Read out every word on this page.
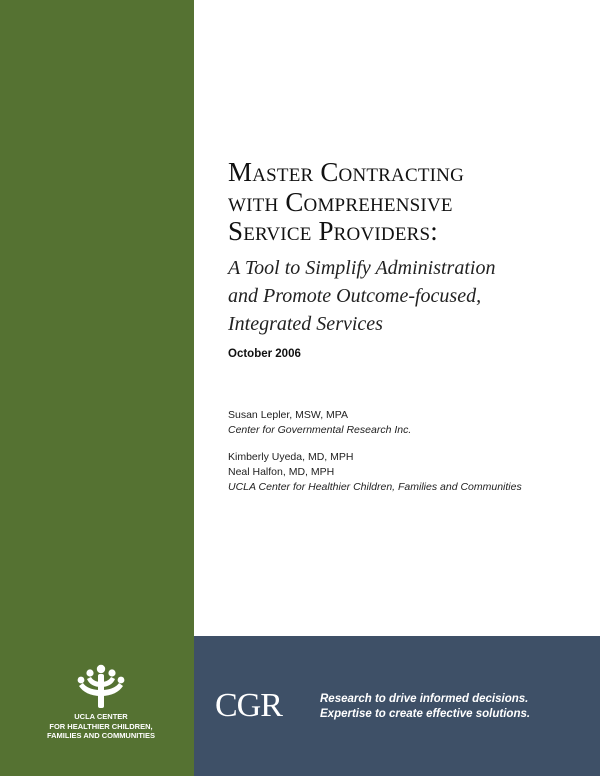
Master Contracting
with Comprehensive
Service Providers:
A Tool to Simplify Administration
and Promote Outcome-focused,
Integrated Services
October 2006
Susan Lepler, MSW, MPA
Center for Governmental Research Inc.
Kimberly Uyeda, MD, MPH
Neal Halfon, MD, MPH
UCLA Center for Healthier Children, Families and Communities
UCLA CENTER
FOR HEALTHIER CHILDREN,
FAMILIES AND COMMUNITIES
CGR	Research to drive informed decisions.
Expertise to create effective solutions.
